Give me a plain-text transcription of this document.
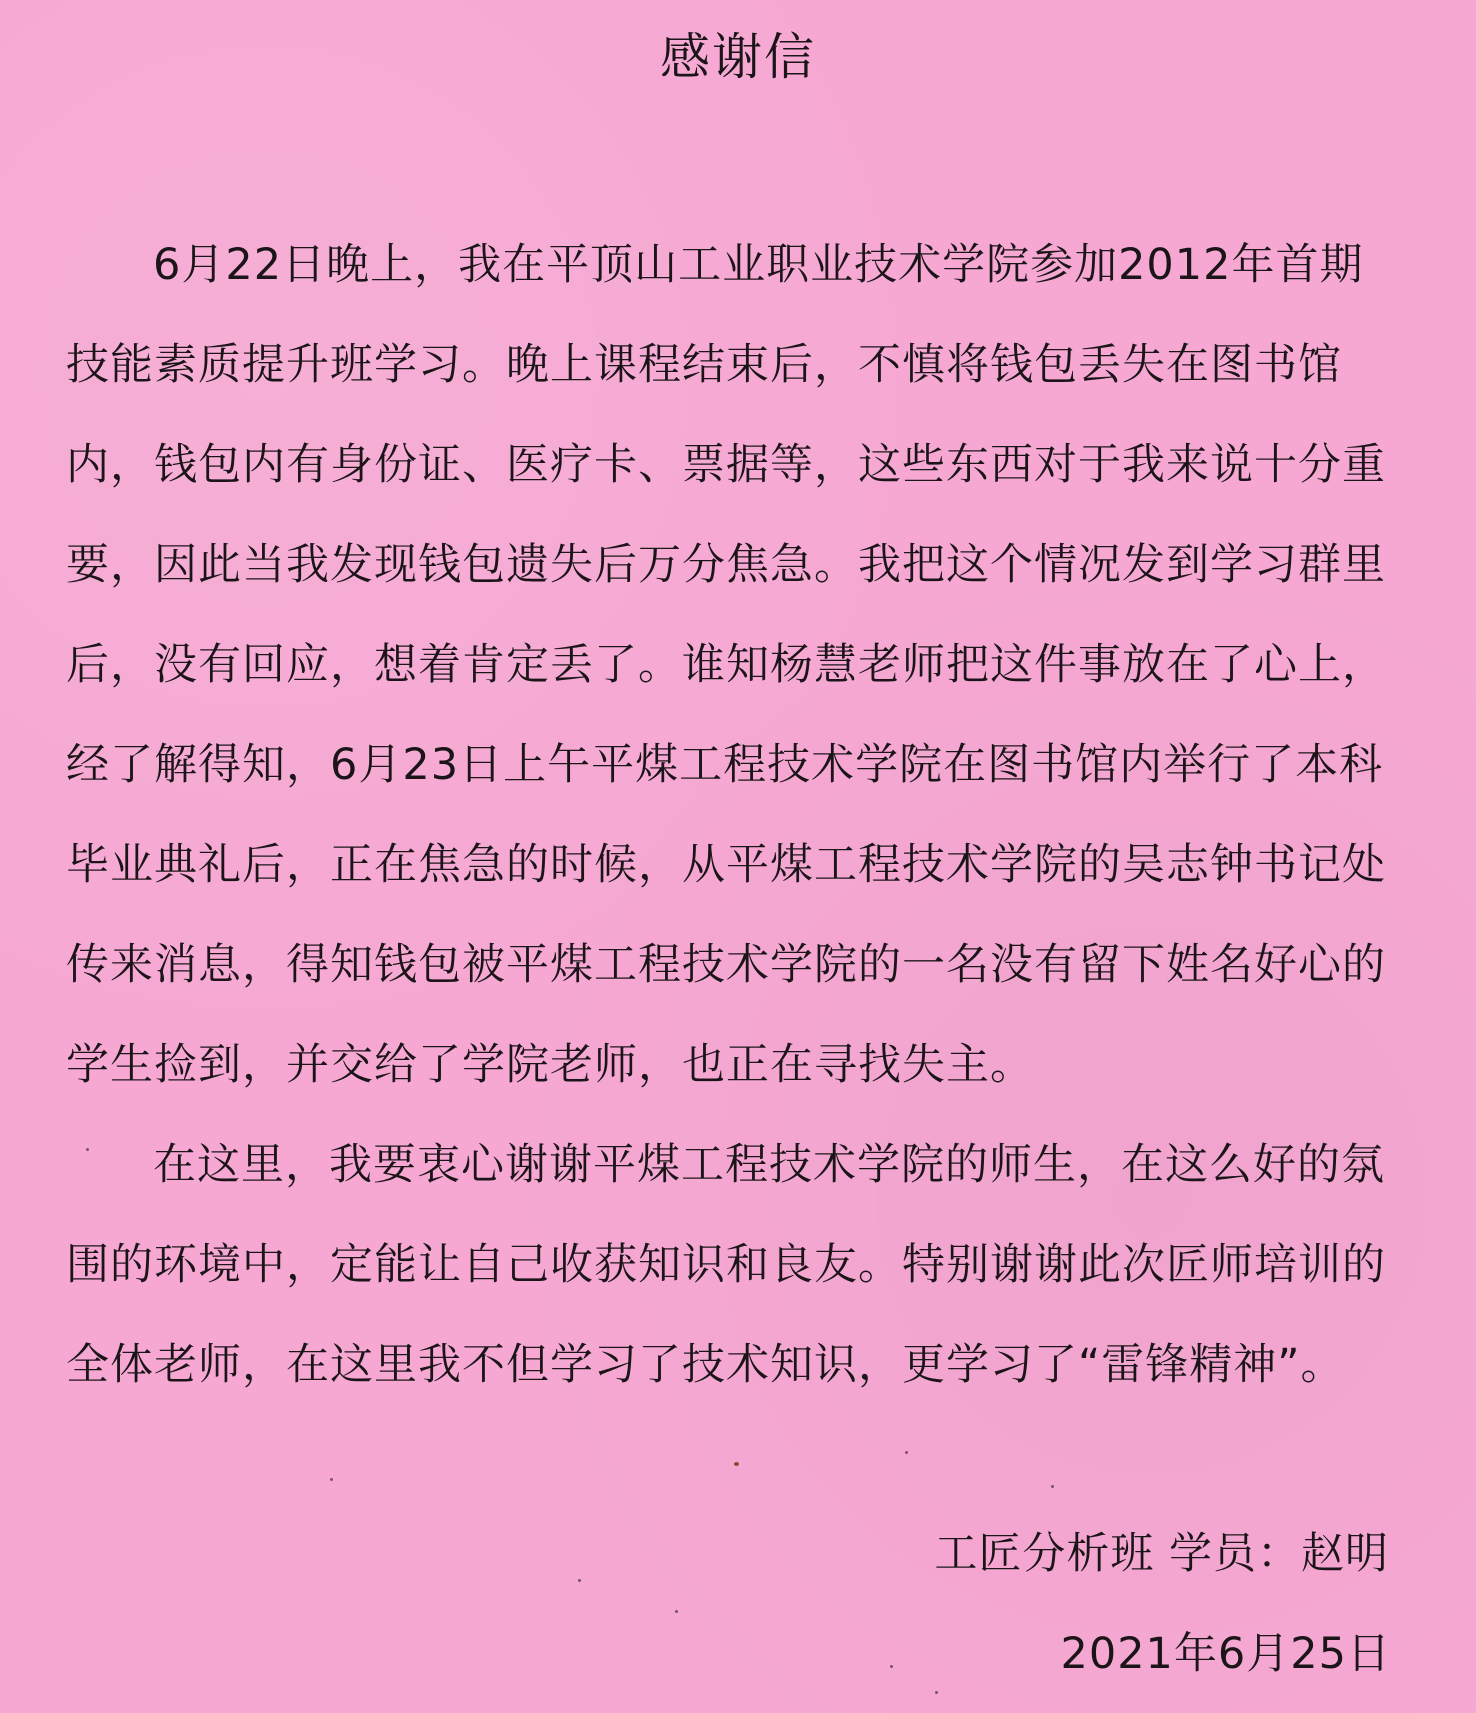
感谢信

6月22日晚上，我在平顶山工业职业技术学院参加2012年首期技能素质提升班学习。晚上课程结束后，不慎将钱包丢失在图书馆内，钱包内有身份证、医疗卡、票据等，这些东西对于我来说十分重要，因此当我发现钱包遗失后万分焦急。我把这个情况发到学习群里后，没有回应，想着肯定丢了。谁知杨慧老师把这件事放在了心上，经了解得知，6月23日上午平煤工程技术学院在图书馆内举行了本科毕业典礼后，正在焦急的时候，从平煤工程技术学院的吴志钟书记处传来消息，得知钱包被平煤工程技术学院的一名没有留下姓名好心的学生捡到，并交给了学院老师，也正在寻找失主。

在这里，我要衷心谢谢平煤工程技术学院的师生，在这么好的氛围的环境中，定能让自己收获知识和良友。特别谢谢此次匠师培训的全体老师，在这里我不但学习了技术知识，更学习了“雷锋精神”。

工匠分析班 学员：赵明
2021年6月25日
